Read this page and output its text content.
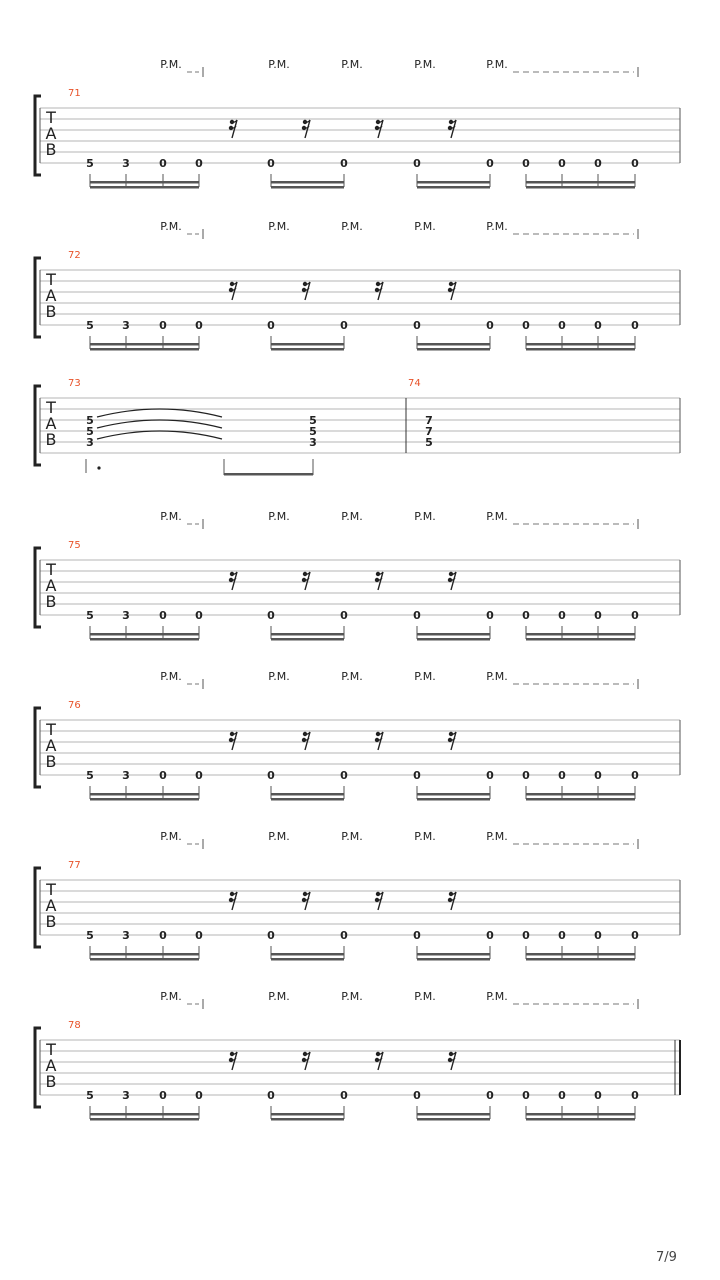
T
A
B
P.M.	P.M.	P.M.	P.M.	P.M.
71
5	3	0	0	0	0	0	0	0	0	0	0
T
A
B
P.M.	P.M.	P.M.	P.M.	P.M.
72
5	3	0	0	0	0	0	0	0	0	0	0
T
A
B
73	74
5
5
3
5
5
3
7
7
5
T
A
B
P.M.	P.M.	P.M.	P.M.	P.M.
75
5	3	0	0	0	0	0	0	0	0	0	0
T
A
B
P.M.	P.M.	P.M.	P.M.	P.M.
76
5	3	0	0	0	0	0	0	0	0	0	0
T
A
B
P.M.	P.M.	P.M.	P.M.	P.M.
77
5	3	0	0	0	0	0	0	0	0	0	0
T
A
B
P.M.	P.M.	P.M.	P.M.	P.M.
78
5	3	0	0	0	0	0	0	0	0	0	0
7/9
